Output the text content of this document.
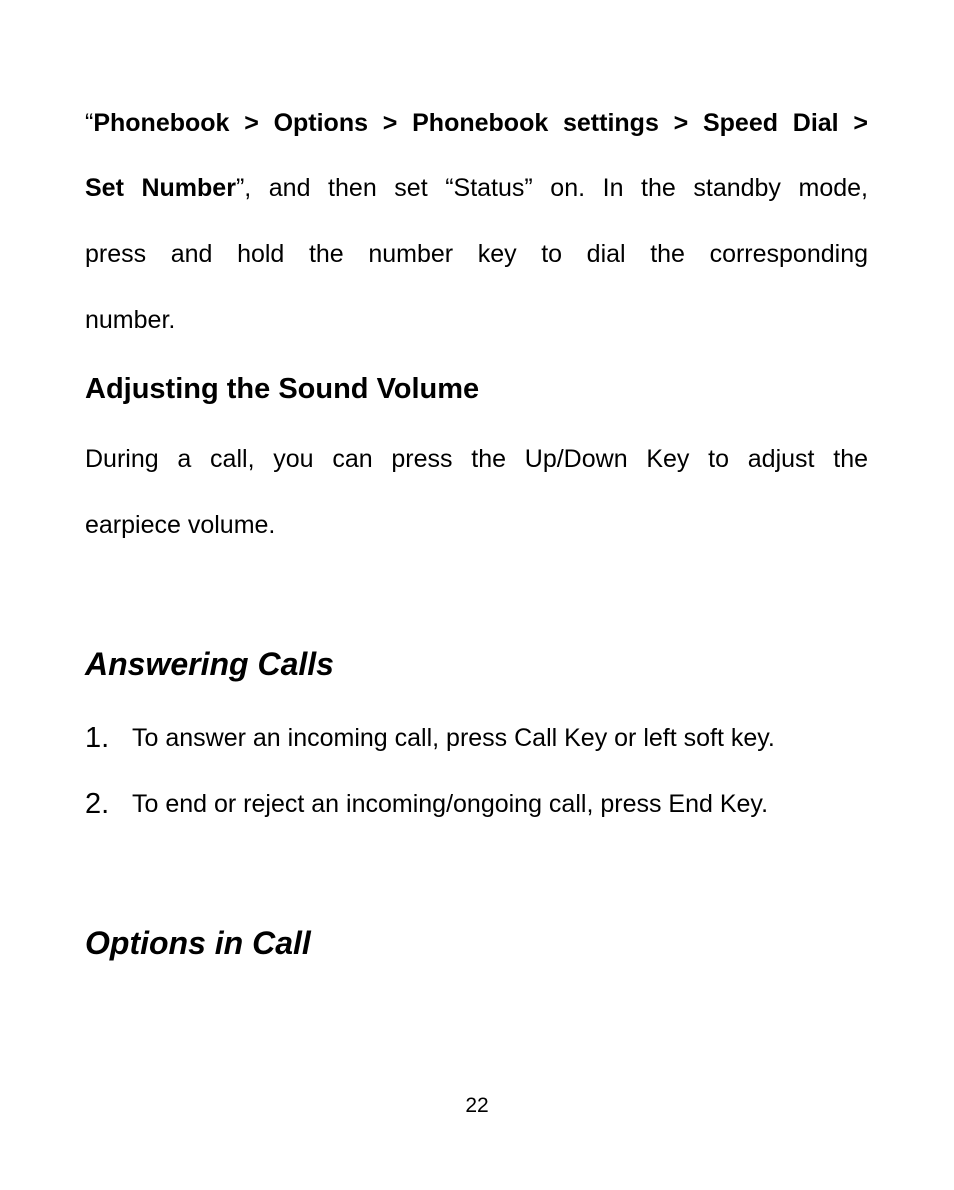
“Phonebook > Options > Phonebook settings > Speed Dial >
Set Number”, and then set “Status” on. In the standby mode,
press and hold the number key to dial the corresponding
number.
Adjusting the Sound Volume
During a call, you can press the Up/Down Key to adjust the
earpiece volume.
Answering Calls
1. To answer an incoming call, press Call Key or left soft key.
2. To end or reject an incoming/ongoing call, press End Key.
Options in Call
22
